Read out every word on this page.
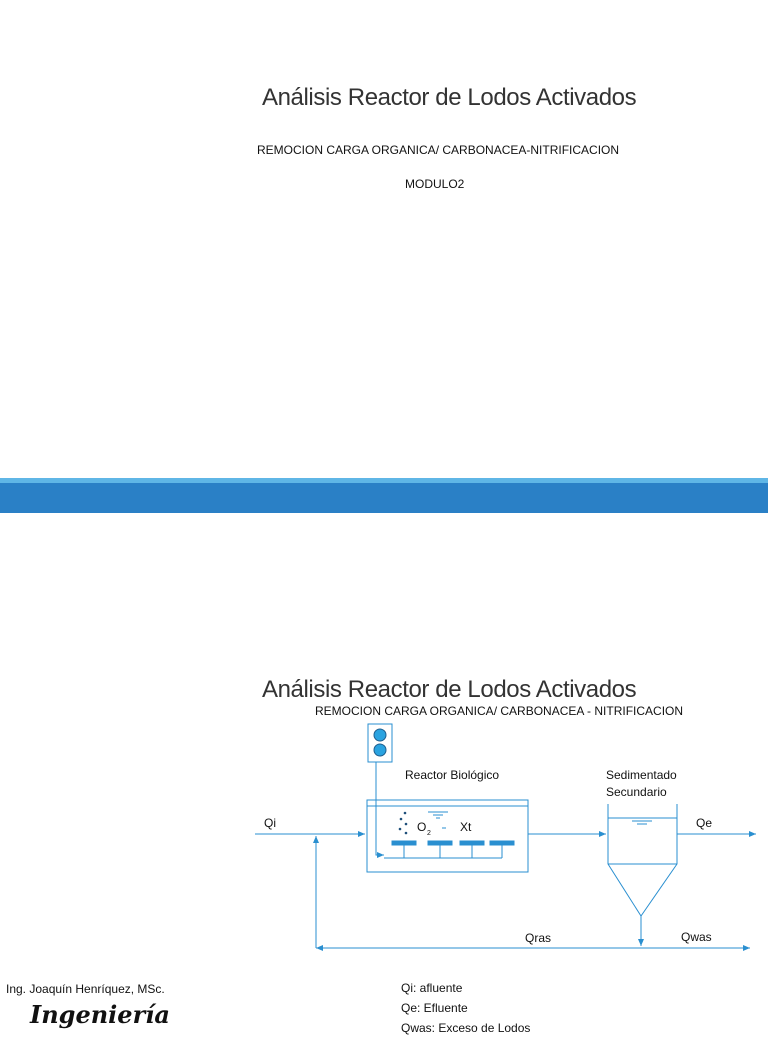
Análisis Reactor de Lodos Activados
REMOCION CARGA ORGANICA/ CARBONACEA-NITRIFICACION
MODULO2
Análisis Reactor de Lodos Activados
REMOCION CARGA ORGANICA/ CARBONACEA - NITRIFICACION
Reactor Biológico	Sedimentado
Secundario
Qi	Qe
Qras	Qwas
O 2 Xt
Ing. Joaquín Henríquez, MSc.
Ingeniería
Qi: afluente
Qe: Efluente
Qwas: Exceso de Lodos
